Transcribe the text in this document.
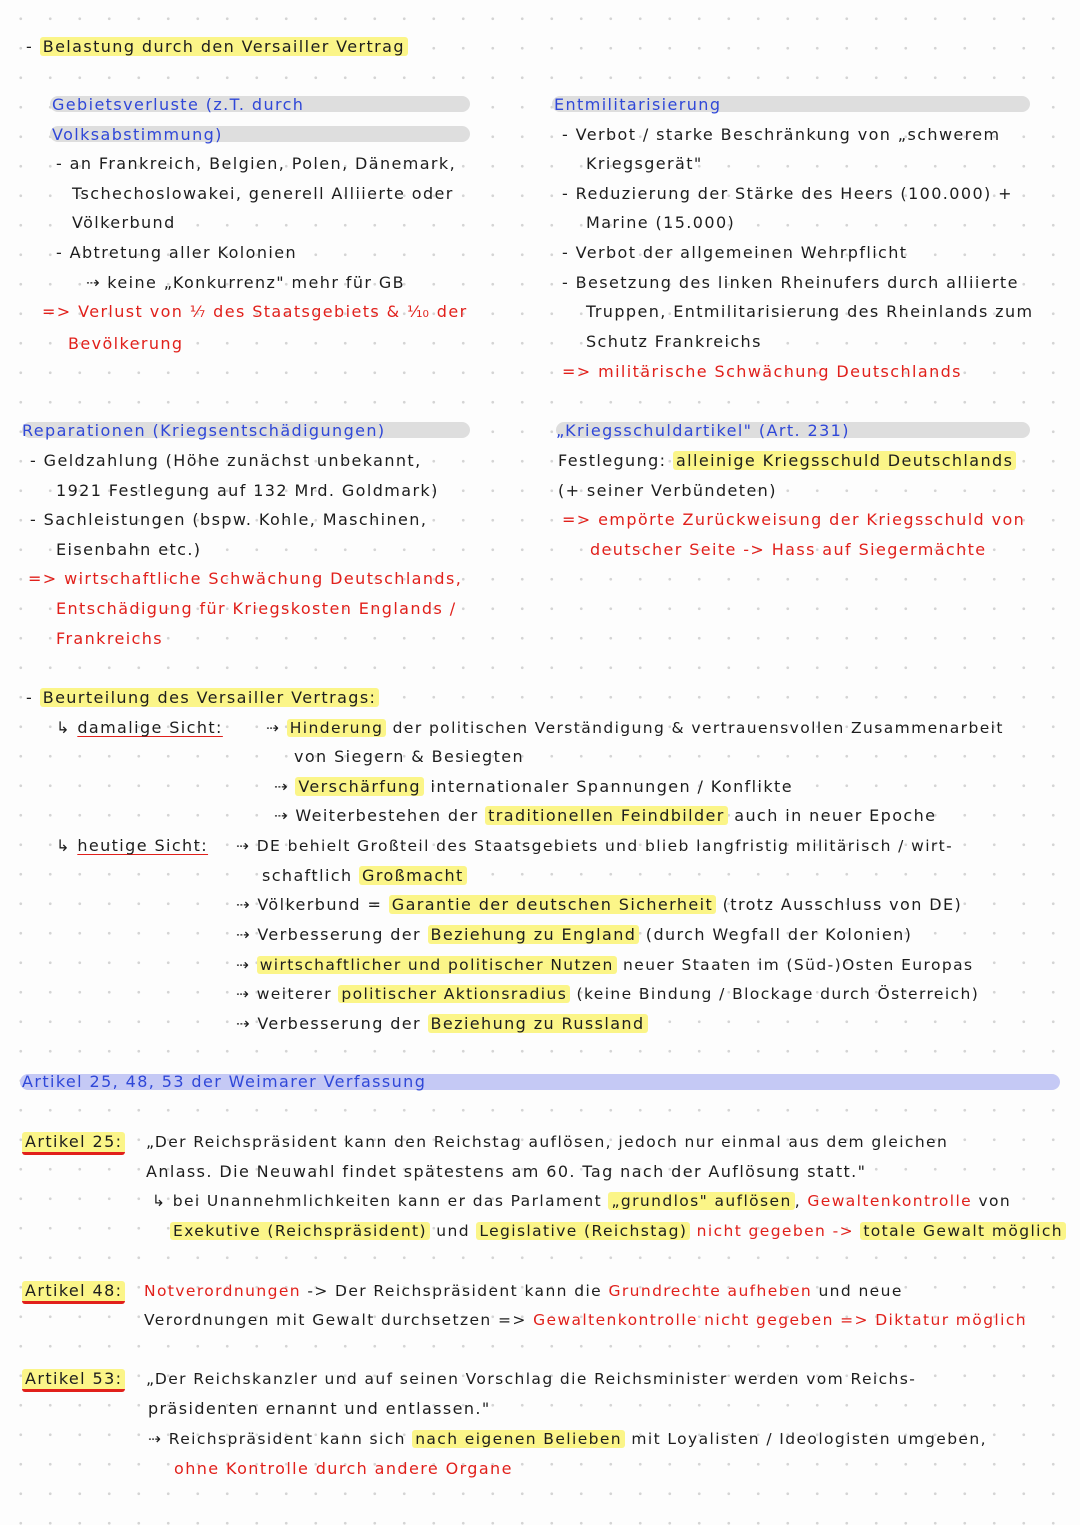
- Belastung durch den Versailler Vertrag
Gebietsverluste (z.T. durch
Volksabstimmung)
- an Frankreich, Belgien, Polen, Dänemark,
Tschechoslowakei, generell Alliierte oder
Völkerbund
- Abtretung aller Kolonien
⇢ keine „Konkurrenz" mehr für GB
=> Verlust von ⅐ des Staatsgebiets & ⅒ der
Bevölkerung
Entmilitarisierung
- Verbot / starke Beschränkung von „schwerem
Kriegsgerät"
- Reduzierung der Stärke des Heers (100.000) +
Marine (15.000)
- Verbot der allgemeinen Wehrpflicht
- Besetzung des linken Rheinufers durch alliierte
Truppen, Entmilitarisierung des Rheinlands zum
Schutz Frankreichs
=> militärische Schwächung Deutschlands
Reparationen (Kriegsentschädigungen)
- Geldzahlung (Höhe zunächst unbekannt,
1921 Festlegung auf 132 Mrd. Goldmark)
- Sachleistungen (bspw. Kohle, Maschinen,
Eisenbahn etc.)
=> wirtschaftliche Schwächung Deutschlands,
Entschädigung für Kriegskosten Englands /
Frankreichs
„Kriegsschuldartikel" (Art. 231)
Festlegung: alleinige Kriegsschuld Deutschlands
(+ seiner Verbündeten)
=> empörte Zurückweisung der Kriegsschuld von
deutscher Seite -> Hass auf Siegermächte
- Beurteilung des Versailler Vertrags:
↳ damalige Sicht:	⇢ Hinderung der politischen Verständigung & vertrauensvollen Zusammenarbeit
von Siegern & Besiegten
⇢ Verschärfung internationaler Spannungen / Konflikte
⇢ Weiterbestehen der traditionellen Feindbilder auch in neuer Epoche
↳ heutige Sicht: ⇢ DE behielt Großteil des Staatsgebiets und blieb langfristig militärisch / wirt-
schaftlich Großmacht
⇢ Völkerbund = Garantie der deutschen Sicherheit (trotz Ausschluss von DE)
⇢ Verbesserung der Beziehung zu England (durch Wegfall der Kolonien)
⇢ wirtschaftlicher und politischer Nutzen neuer Staaten im (Süd-)Osten Europas
⇢ weiterer politischer Aktionsradius (keine Bindung / Blockage durch Österreich)
⇢ Verbesserung der Beziehung zu Russland
Artikel 25, 48, 53 der Weimarer Verfassung
Artikel 25: „Der Reichspräsident kann den Reichstag auflösen, jedoch nur einmal aus dem gleichen
Anlass. Die Neuwahl findet spätestens am 60. Tag nach der Auflösung statt."
↳ bei Unannehmlichkeiten kann er das Parlament „grundlos" auflösen , Gewaltenkontrolle von
Exekutive (Reichspräsident) und Legislative (Reichstag) nicht gegeben -> totale Gewalt möglich
Artikel 48: Notverordnungen -> Der Reichspräsident kann die Grundrechte aufheben und neue
Verordnungen mit Gewalt durchsetzen => Gewaltenkontrolle nicht gegeben => Diktatur möglich
Artikel 53: „Der Reichskanzler und auf seinen Vorschlag die Reichsminister werden vom Reichs-
präsidenten ernannt und entlassen."
⇢ Reichspräsident kann sich nach eigenen Belieben mit Loyalisten / Ideologisten umgeben,
ohne Kontrolle durch andere Organe
